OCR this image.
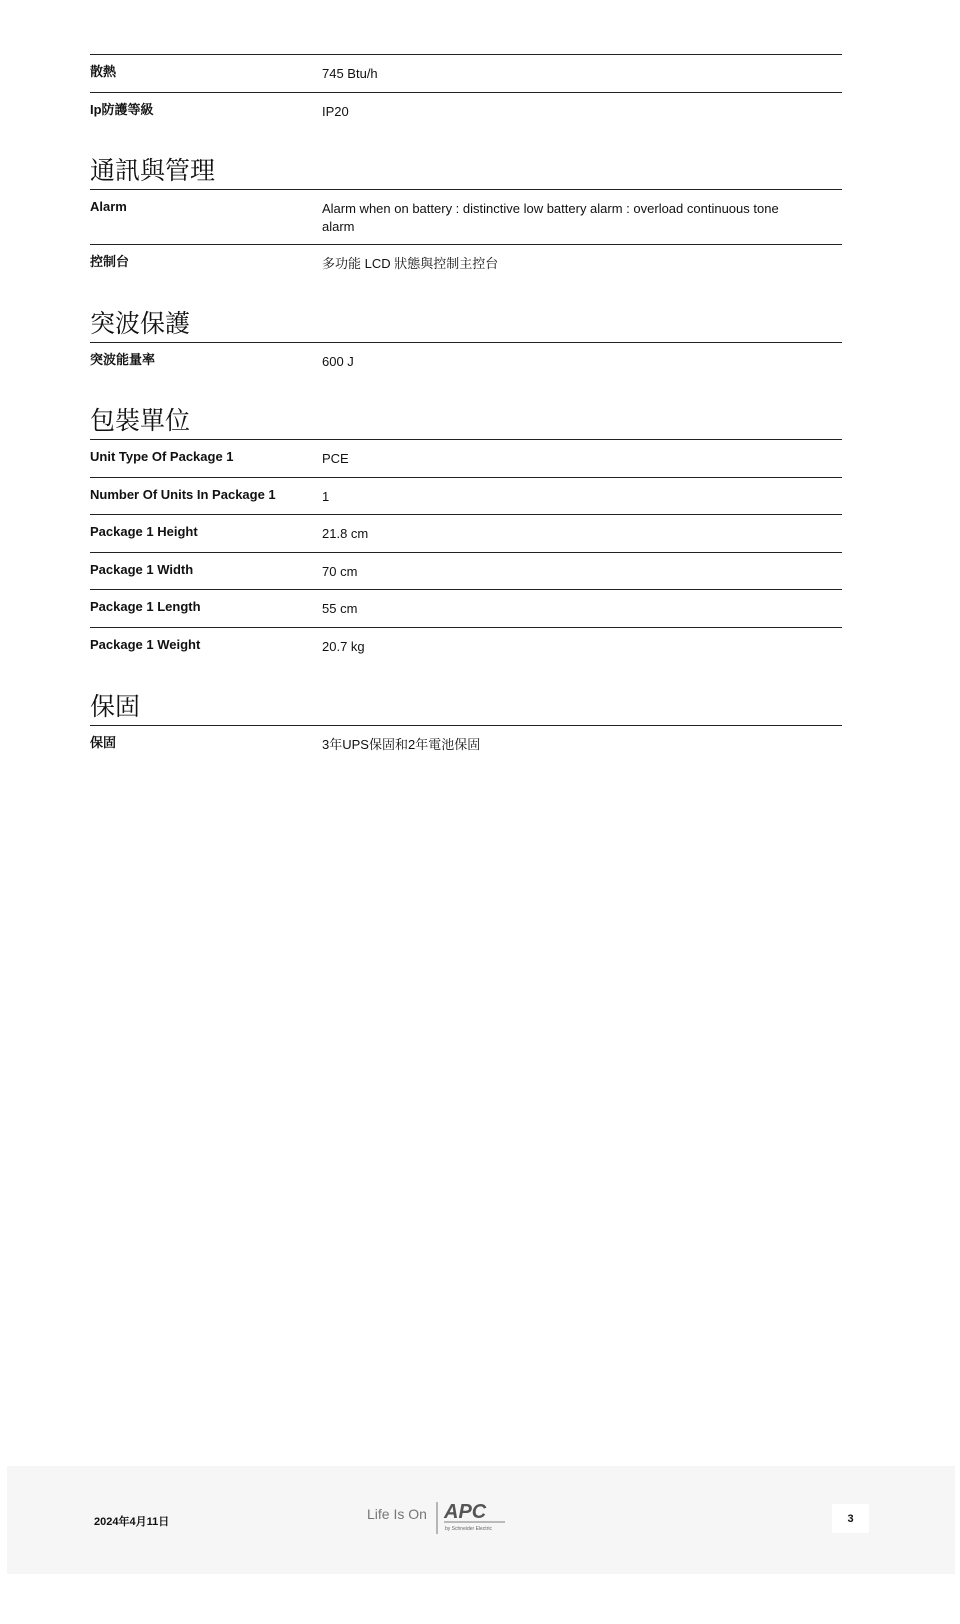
散熱	745 Btu/h
Ip防護等級	IP20
通訊與管理
Alarm	Alarm when on battery : distinctive low battery alarm : overload continuous tone alarm
控制台	多功能 LCD 狀態與控制主控台
突波保護
突波能量率	600 J
包裝單位
Unit Type Of Package 1	PCE
Number Of Units In Package 1	1
Package 1 Height	21.8 cm
Package 1 Width	70 cm
Package 1 Length	55 cm
Package 1 Weight	20.7 kg
保固
保固	3年UPS保固和2年電池保固
2024年4月11日	Life Is On APC
by Schneider Electric
3
